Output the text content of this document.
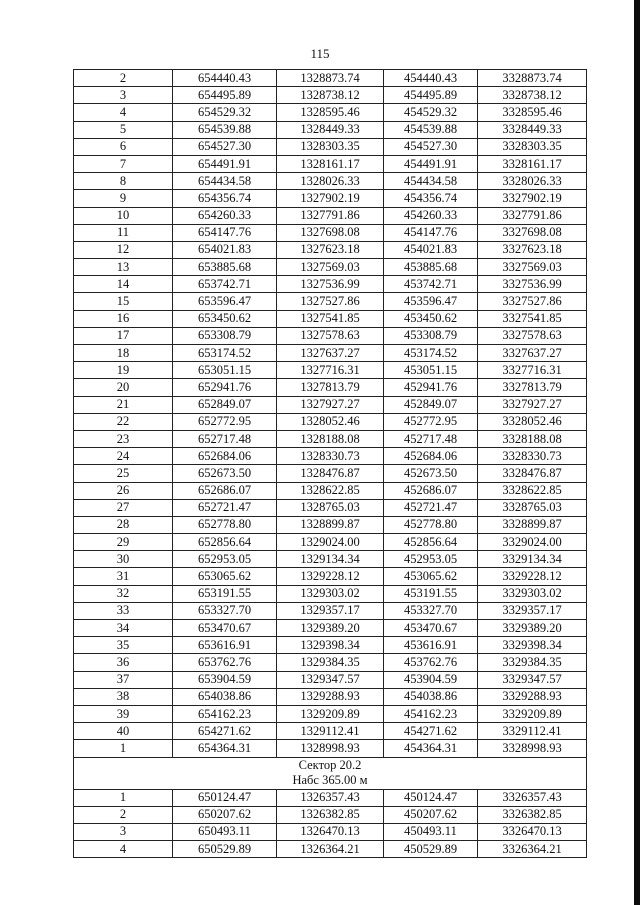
115
2	654440.43	1328873.74	454440.43	3328873.74
3	654495.89	1328738.12	454495.89	3328738.12
4	654529.32	1328595.46	454529.32	3328595.46
5	654539.88	1328449.33	454539.88	3328449.33
6	654527.30	1328303.35	454527.30	3328303.35
7	654491.91	1328161.17	454491.91	3328161.17
8	654434.58	1328026.33	454434.58	3328026.33
9	654356.74	1327902.19	454356.74	3327902.19
10	654260.33	1327791.86	454260.33	3327791.86
11	654147.76	1327698.08	454147.76	3327698.08
12	654021.83	1327623.18	454021.83	3327623.18
13	653885.68	1327569.03	453885.68	3327569.03
14	653742.71	1327536.99	453742.71	3327536.99
15	653596.47	1327527.86	453596.47	3327527.86
16	653450.62	1327541.85	453450.62	3327541.85
17	653308.79	1327578.63	453308.79	3327578.63
18	653174.52	1327637.27	453174.52	3327637.27
19	653051.15	1327716.31	453051.15	3327716.31
20	652941.76	1327813.79	452941.76	3327813.79
21	652849.07	1327927.27	452849.07	3327927.27
22	652772.95	1328052.46	452772.95	3328052.46
23	652717.48	1328188.08	452717.48	3328188.08
24	652684.06	1328330.73	452684.06	3328330.73
25	652673.50	1328476.87	452673.50	3328476.87
26	652686.07	1328622.85	452686.07	3328622.85
27	652721.47	1328765.03	452721.47	3328765.03
28	652778.80	1328899.87	452778.80	3328899.87
29	652856.64	1329024.00	452856.64	3329024.00
30	652953.05	1329134.34	452953.05	3329134.34
31	653065.62	1329228.12	453065.62	3329228.12
32	653191.55	1329303.02	453191.55	3329303.02
33	653327.70	1329357.17	453327.70	3329357.17
34	653470.67	1329389.20	453470.67	3329389.20
35	653616.91	1329398.34	453616.91	3329398.34
36	653762.76	1329384.35	453762.76	3329384.35
37	653904.59	1329347.57	453904.59	3329347.57
38	654038.86	1329288.93	454038.86	3329288.93
39	654162.23	1329209.89	454162.23	3329209.89
40	654271.62	1329112.41	454271.62	3329112.41
1	654364.31	1328998.93	454364.31	3328998.93

Сектор 20.2
Набс 365.00 м				

1	650124.47	1326357.43	450124.47	3326357.43
2	650207.62	1326382.85	450207.62	3326382.85
3	650493.11	1326470.13	450493.11	3326470.13
4	650529.89	1326364.21	450529.89	3326364.21
